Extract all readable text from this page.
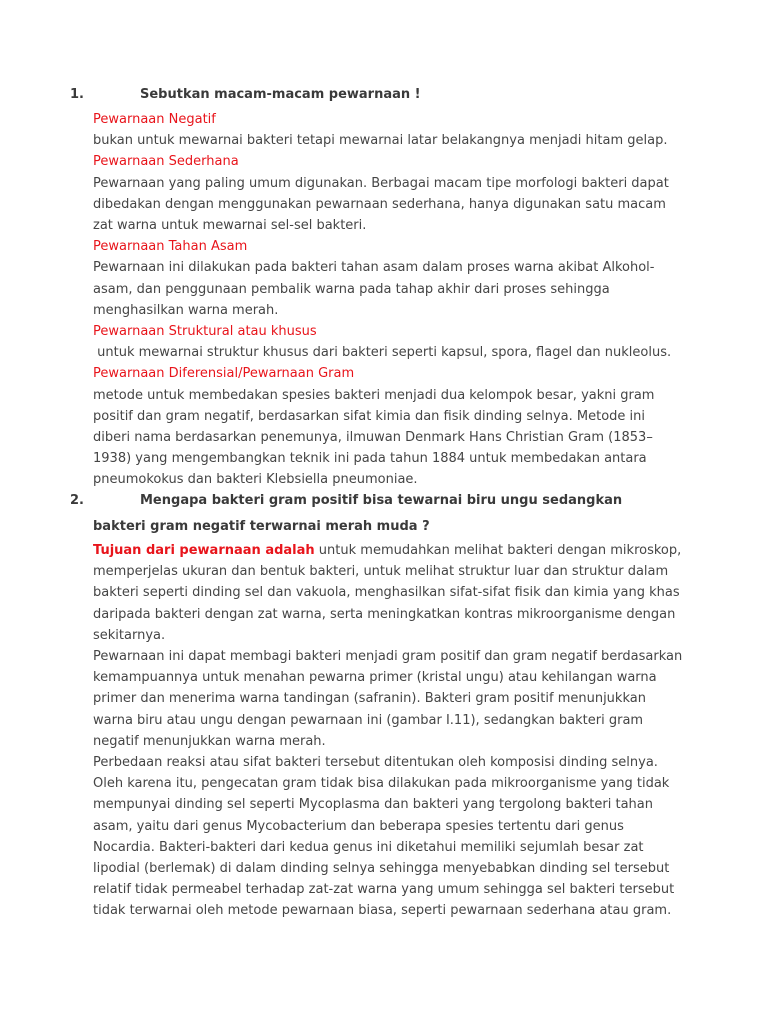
1.	Sebutkan macam-macam pewarnaan !
Pewarnaan Negatif
bukan untuk mewarnai bakteri tetapi mewarnai latar belakangnya menjadi hitam gelap.
Pewarnaan Sederhana
Pewarnaan yang paling umum digunakan. Berbagai macam tipe morfologi bakteri dapat dibedakan dengan menggunakan pewarnaan sederhana, hanya digunakan satu macam zat warna untuk mewarnai sel-sel bakteri.
Pewarnaan Tahan Asam
Pewarnaan ini dilakukan pada bakteri tahan asam dalam proses warna akibat Alkohol-asam, dan penggunaan pembalik warna pada tahap akhir dari proses sehingga menghasilkan warna merah.
Pewarnaan Struktural atau khusus
untuk mewarnai struktur khusus dari bakteri seperti kapsul, spora, flagel dan nukleolus.
Pewarnaan Diferensial/Pewarnaan Gram
metode untuk membedakan spesies bakteri menjadi dua kelompok besar, yakni gram positif dan gram negatif, berdasarkan sifat kimia dan fisik dinding selnya. Metode ini diberi nama berdasarkan penemunya, ilmuwan Denmark Hans Christian Gram (1853–1938) yang mengembangkan teknik ini pada tahun 1884 untuk membedakan antara pneumokokus dan bakteri Klebsiella pneumoniae.
2.	Mengapa bakteri gram positif bisa tewarnai biru ungu sedangkan
bakteri gram negatif terwarnai merah muda ?
Tujuan dari pewarnaan adalah untuk memudahkan melihat bakteri dengan mikroskop, memperjelas ukuran dan bentuk bakteri, untuk melihat struktur luar dan struktur dalam bakteri seperti dinding sel dan vakuola, menghasilkan sifat-sifat fisik dan kimia yang khas daripada bakteri dengan zat warna, serta meningkatkan kontras mikroorganisme dengan sekitarnya.
Pewarnaan ini dapat membagi bakteri menjadi gram positif dan gram negatif berdasarkan kemampuannya untuk menahan pewarna primer (kristal ungu) atau kehilangan warna primer dan menerima warna tandingan (safranin). Bakteri gram positif menunjukkan warna biru atau ungu dengan pewarnaan ini (gambar I.11), sedangkan bakteri gram negatif menunjukkan warna merah.
Perbedaan reaksi atau sifat bakteri tersebut ditentukan oleh komposisi dinding selnya. Oleh karena itu, pengecatan gram tidak bisa dilakukan pada mikroorganisme yang tidak mempunyai dinding sel seperti Mycoplasma dan bakteri yang tergolong bakteri tahan asam, yaitu dari genus Mycobacterium dan beberapa spesies tertentu dari genus Nocardia. Bakteri-bakteri dari kedua genus ini diketahui memiliki sejumlah besar zat lipodial (berlemak) di dalam dinding selnya sehingga menyebabkan dinding sel tersebut relatif tidak permeabel terhadap zat-zat warna yang umum sehingga sel bakteri tersebut tidak terwarnai oleh metode pewarnaan biasa, seperti pewarnaan sederhana atau gram.
